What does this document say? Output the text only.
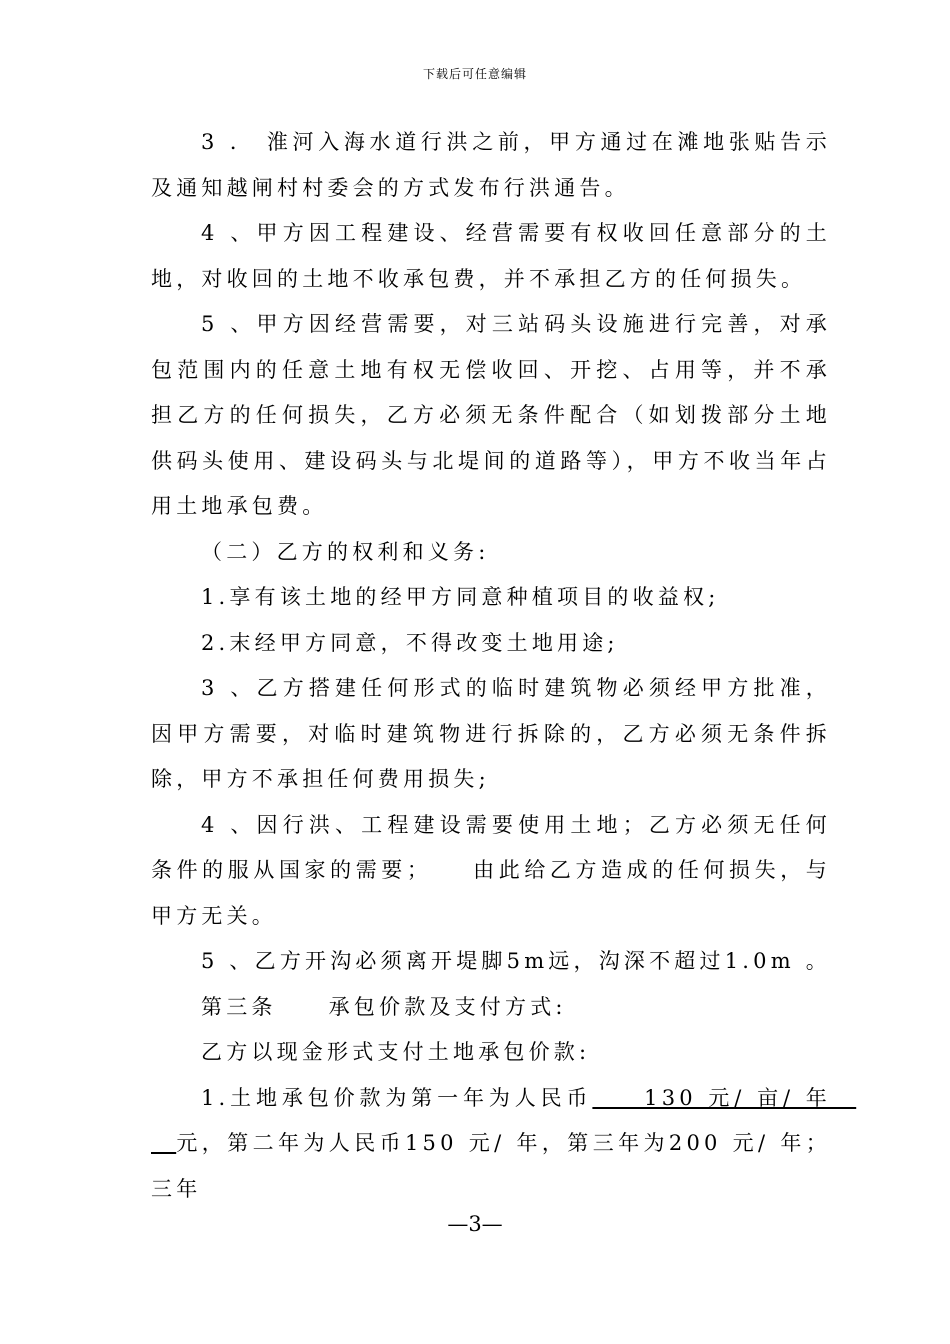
下载后可任意编辑

3 ． 淮河入海水道行洪之前，甲方通过在滩地张贴告示及通知越闸村村委会的方式发布行洪通告。

4 、甲方因工程建设、经营需要有权收回任意部分的土地，对收回的土地不收承包费，并不承担乙方的任何损失。

5 、甲方因经营需要，对三站码头设施进行完善，对承包范围内的任意土地有权无偿收回、开挖、占用等，并不承担乙方的任何损失，乙方必须无条件配合（如划拨部分土地供码头使用、建设码头与北堤间的道路等），甲方不收当年占用土地承包费。

（二）乙方的权利和义务:

1.享有该土地的经甲方同意种植项目的收益权;

2.末经甲方同意，不得改变土地用途;

3 、乙方搭建任何形式的临时建筑物必须经甲方批准，因甲方需要，对临时建筑物进行拆除的，乙方必须无条件拆除，甲方不承担任何费用损失;

4 、因行洪、工程建设需要使用土地；乙方必须无任何条件的服从国家的需要；　　由此给乙方造成的任何损失，与甲方无关。

5 、乙方开沟必须离开堤脚5m远，沟深不超过1.0m 。

第三条 承包价款及支付方式:

乙方以现金形式支付土地承包价款:

1.土地承包价款为第一年为人民币　　130 元/ 亩/ 年　 元，第二年为人民币150 元/ 年，第三年为200 元/ 年；三年

—3—
